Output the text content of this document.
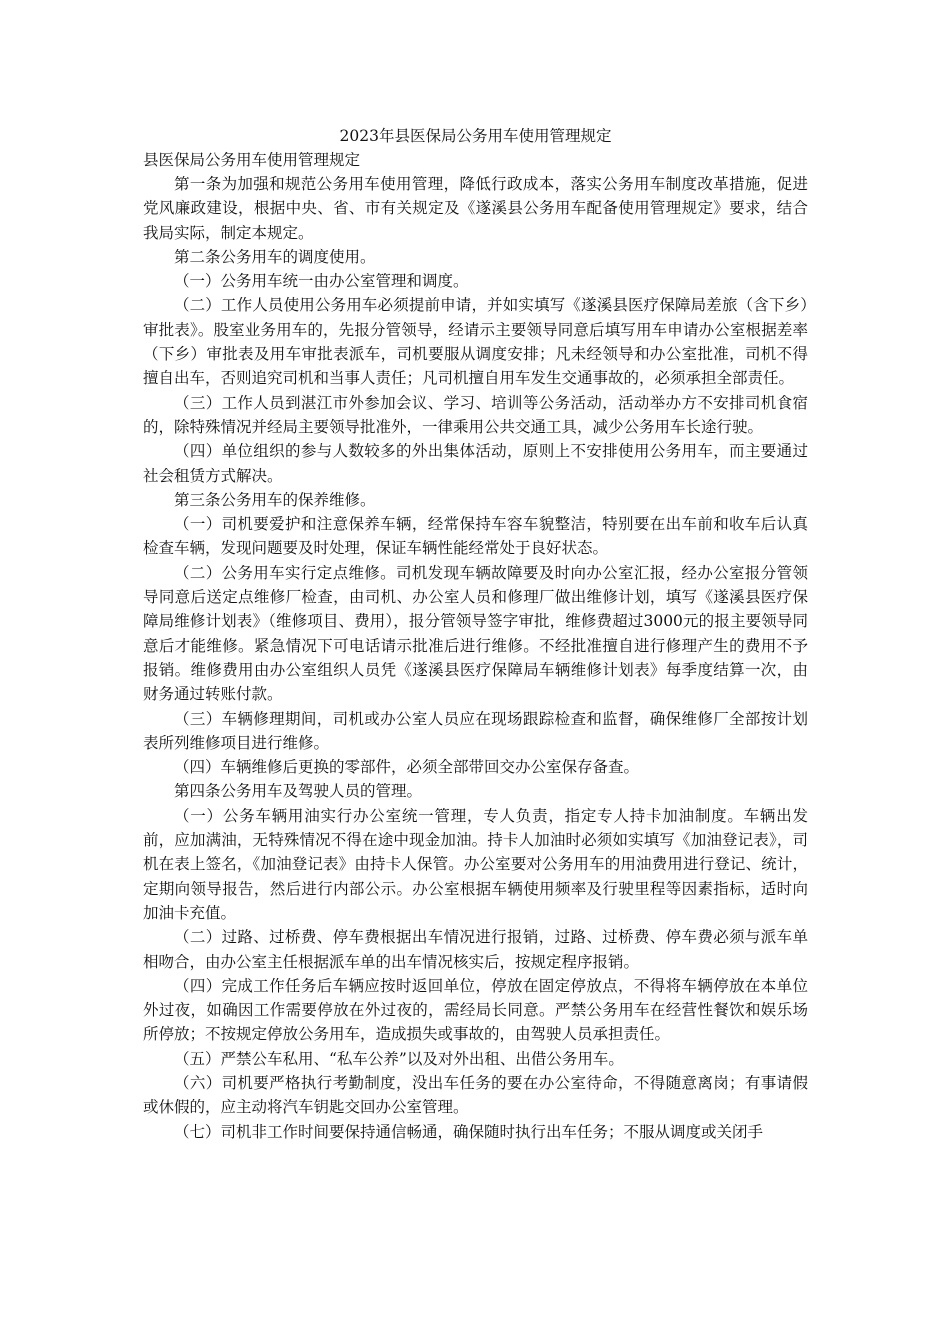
2023年县医保局公务用车使用管理规定

县医保局公务用车使用管理规定

第一条为加强和规范公务用车使用管理，降低行政成本，落实公务用车制度改革措施，促进党风廉政建设，根据中央、省、市有关规定及《遂溪县公务用车配备使用管理规定》要求，结合我局实际，制定本规定。

第二条公务用车的调度使用。

（一）公务用车统一由办公室管理和调度。

（二）工作人员使用公务用车必须提前申请，并如实填写《遂溪县医疗保障局差旅（含下乡）审批表》。股室业务用车的，先报分管领导，经请示主要领导同意后填写用车申请办公室根据差率（下乡）审批表及用车审批表派车，司机要服从调度安排；凡未经领导和办公室批准，司机不得擅自出车，否则追究司机和当事人责任；凡司机擅自用车发生交通事故的，必须承担全部责任。

（三）工作人员到湛江市外参加会议、学习、培训等公务活动，活动举办方不安排司机食宿的，除特殊情况并经局主要领导批准外，一律乘用公共交通工具，减少公务用车长途行驶。

（四）单位组织的参与人数较多的外出集体活动，原则上不安排使用公务用车，而主要通过社会租赁方式解决。

第三条公务用车的保养维修。

（一）司机要爱护和注意保养车辆，经常保持车容车貌整洁，特别要在出车前和收车后认真检查车辆，发现问题要及时处理，保证车辆性能经常处于良好状态。

（二）公务用车实行定点维修。司机发现车辆故障要及时向办公室汇报，经办公室报分管领导同意后送定点维修厂检查，由司机、办公室人员和修理厂做出维修计划，填写《遂溪县医疗保障局维修计划表》（维修项目、费用），报分管领导签字审批，维修费超过3000元的报主要领导同意后才能维修。紧急情况下可电话请示批准后进行维修。不经批准擅自进行修理产生的费用不予报销。维修费用由办公室组织人员凭《遂溪县医疗保障局车辆维修计划表》每季度结算一次，由财务通过转账付款。

（三）车辆修理期间，司机或办公室人员应在现场跟踪检查和监督，确保维修厂全部按计划表所列维修项目进行维修。

（四）车辆维修后更换的零部件，必须全部带回交办公室保存备查。

第四条公务用车及驾驶人员的管理。

（一）公务车辆用油实行办公室统一管理，专人负责，指定专人持卡加油制度。车辆出发前，应加满油，无特殊情况不得在途中现金加油。持卡人加油时必须如实填写《加油登记表》，司机在表上签名，《加油登记表》由持卡人保管。办公室要对公务用车的用油费用进行登记、统计，定期向领导报告，然后进行内部公示。办公室根据车辆使用频率及行驶里程等因素指标，适时向加油卡充值。

（二）过路、过桥费、停车费根据出车情况进行报销，过路、过桥费、停车费必须与派车单相吻合，由办公室主任根据派车单的出车情况核实后，按规定程序报销。

（四）完成工作任务后车辆应按时返回单位，停放在固定停放点，不得将车辆停放在本单位外过夜，如确因工作需要停放在外过夜的，需经局长同意。严禁公务用车在经营性餐饮和娱乐场所停放；不按规定停放公务用车，造成损失或事故的，由驾驶人员承担责任。

（五）严禁公车私用、“私车公养”以及对外出租、出借公务用车。

（六）司机要严格执行考勤制度，没出车任务的要在办公室待命，不得随意离岗；有事请假或休假的，应主动将汽车钥匙交回办公室管理。

（七）司机非工作时间要保持通信畅通，确保随时执行出车任务；不服从调度或关闭手
